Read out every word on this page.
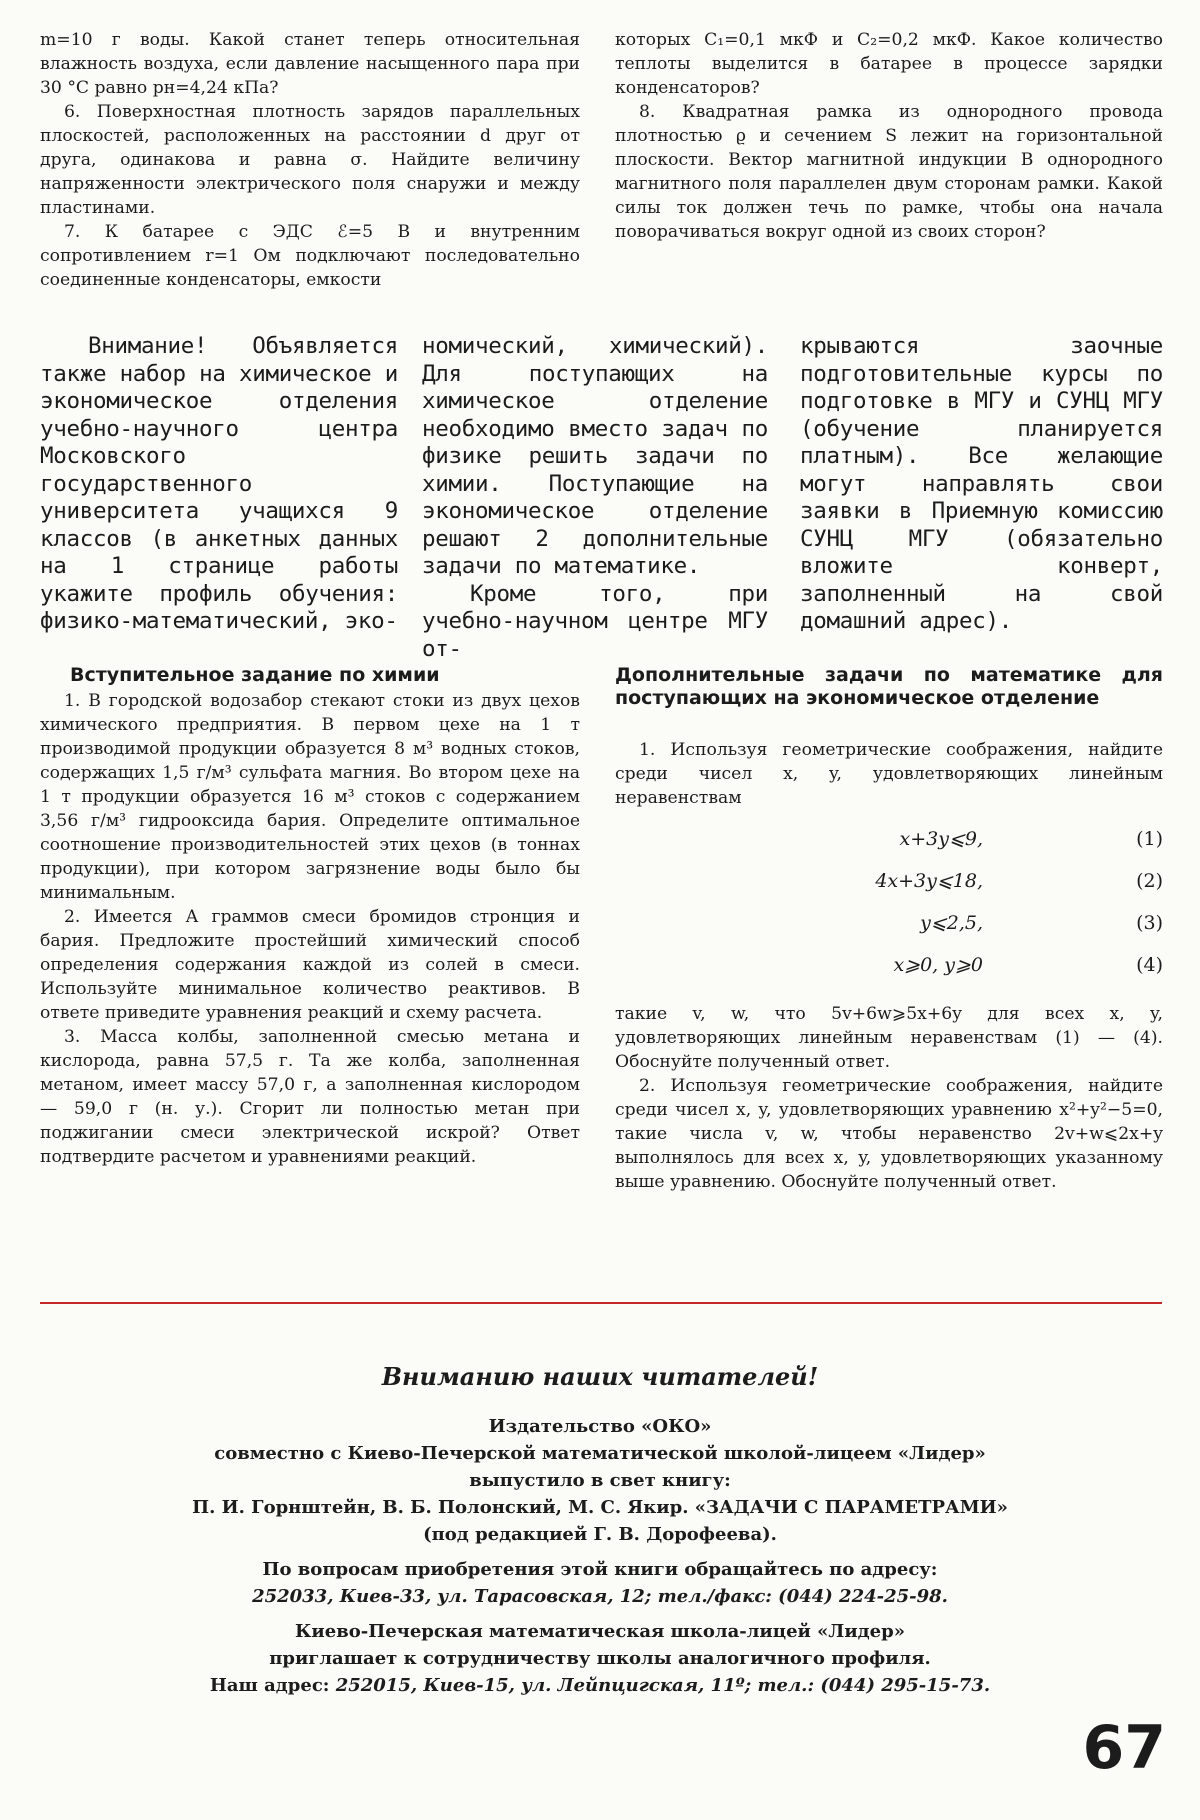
m=10 г воды. Какой станет теперь относительная влажность воздуха, если давление насыщенного пара при 30 °С равно pн=4,24 кПа?

6. Поверхностная плотность зарядов параллельных плоскостей, расположенных на расстоянии d друг от друга, одинакова и равна σ. Найдите величину напряженности электрического поля снаружи и между пластинами.

7. К батарее с ЭДС ℰ=5 В и внутренним сопротивлением r=1 Ом подключают последовательно соединенные конденсаторы, емкости

которых C₁=0,1 мкФ и C₂=0,2 мкФ. Какое количество теплоты выделится в батарее в процессе зарядки конденсаторов?

8. Квадратная рамка из однородного провода плотностью ϱ и сечением S лежит на горизонтальной плоскости. Вектор магнитной индукции B однородного магнитного поля параллелен двум сторонам рамки. Какой силы ток должен течь по рамке, чтобы она начала поворачиваться вокруг одной из своих сторон?

Внимание! Объявляется также набор на химическое и экономическое отделения учебно-научного центра Московского государственного университета учащихся 9 классов (в анкетных данных на 1 странице работы укажите профиль обучения: физико-математический, эко-

номический, химический). Для поступающих на химическое отделение необходимо вместо задач по физике решить задачи по химии. Поступающие на экономическое отделение решают 2 дополнительные задачи по математике.

Кроме того, при учебно-научном центре МГУ от-

крываются заочные подготовительные курсы по подготовке в МГУ и СУНЦ МГУ (обучение планируется платным). Все желающие могут направлять свои заявки в Приемную комиссию СУНЦ МГУ (обязательно вложите конверт, заполненный на свой домашний адрес).

Вступительное задание по химии

1. В городской водозабор стекают стоки из двух цехов химического предприятия. В первом цехе на 1 т производимой продукции образуется 8 м³ водных стоков, содержащих 1,5 г/м³ сульфата магния. Во втором цехе на 1 т продукции образуется 16 м³ стоков с содержанием 3,56 г/м³ гидрооксида бария. Определите оптимальное соотношение производительностей этих цехов (в тоннах продукции), при котором загрязнение воды было бы минимальным.

2. Имеется A граммов смеси бромидов стронция и бария. Предложите простейший химический способ определения содержания каждой из солей в смеси. Используйте минимальное количество реактивов. В ответе приведите уравнения реакций и схему расчета.

3. Масса колбы, заполненной смесью метана и кислорода, равна 57,5 г. Та же колба, заполненная метаном, имеет массу 57,0 г, а заполненная кислородом — 59,0 г (н. у.). Сгорит ли полностью метан при поджигании смеси электрической искрой? Ответ подтвердите расчетом и уравнениями реакций.

Дополнительные задачи по математике для поступающих на экономическое отделение

1. Используя геометрические соображения, найдите среди чисел x, y, удовлетворяющих линейным неравенствам

x+3y⩽9,	(1)
4x+3y⩽18,	(2)
y⩽2,5,	(3)
x⩾0, y⩾0	(4)

такие v, w, что 5v+6w⩾5x+6y для всех x, y, удовлетворяющих линейным неравенствам (1) — (4). Обоснуйте полученный ответ.

2. Используя геометрические соображения, найдите среди чисел x, y, удовлетворяющих уравнению x²+y²−5=0, такие числа v, w, чтобы неравенство 2v+w⩽2x+y выполнялось для всех x, y, удовлетворяющих указанному выше уравнению. Обоснуйте полученный ответ.

Вниманию наших читателей!

Издательство «ОКО»

совместно с Киево-Печерской математической школой-лицеем «Лидер»

выпустило в свет книгу:

П. И. Горнштейн, В. Б. Полонский, М. С. Якир. «ЗАДАЧИ С ПАРАМЕТРАМИ»

(под редакцией Г. В. Дорофеева).

По вопросам приобретения этой книги обращайтесь по адресу:

252033, Киев-33, ул. Тарасовская, 12; тел./факс: (044) 224-25-98.

Киево-Печерская математическая школа-лицей «Лидер»

приглашает к сотрудничеству школы аналогичного профиля.

Наш адрес: 252015, Киев-15, ул. Лейпцигская, 11º; тел.: (044) 295-15-73.

67
